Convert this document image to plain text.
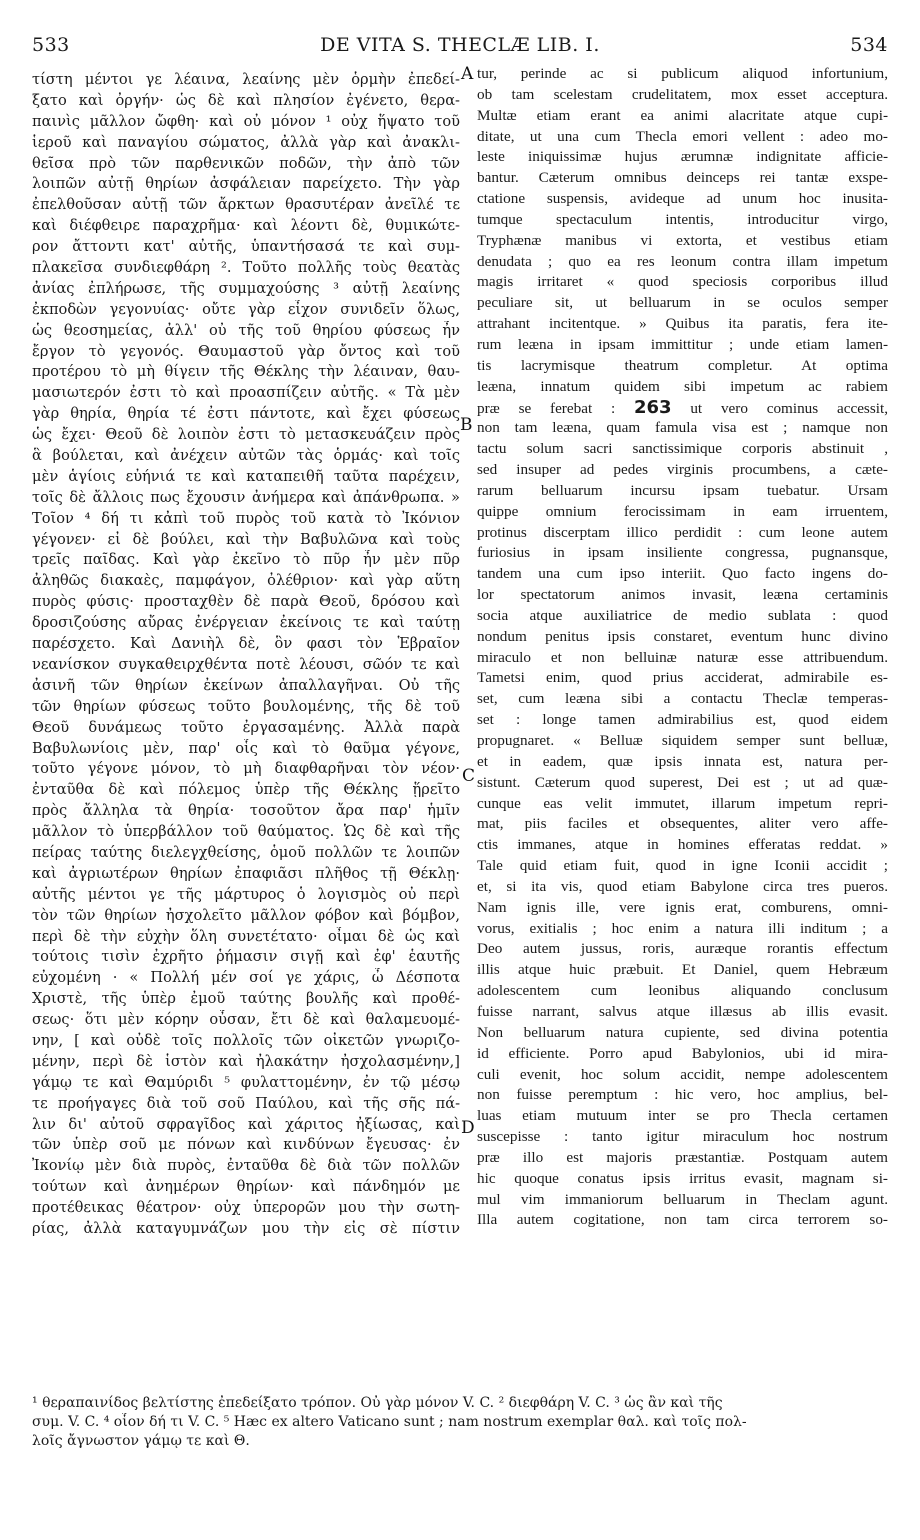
533	DE VITA S. THECLÆ LIB. I.	534
τίστη μέντοι γε λέαινα, λεαίνης μὲν ὁρμὴν ἐπεδεί-
ξατο καὶ ὀργήν· ὡς δὲ καὶ πλησίον ἐγένετο, θερα-
παινὶς μᾶλλον ὤφθη· καὶ οὐ μόνον ¹ οὐχ ἥψατο τοῦ
ἱεροῦ καὶ παναγίου σώματος, ἀλλὰ γὰρ καὶ ἀνακλι-
θεῖσα πρὸ τῶν παρθενικῶν ποδῶν, τὴν ἀπὸ τῶν
λοιπῶν αὐτῇ θηρίων ἀσφάλειαν παρείχετο. Τὴν γὰρ
ἐπελθοῦσαν αὐτῇ τῶν ἄρκτων θρασυτέραν ἀνεῖλέ τε
καὶ διέφθειρε παραχρῆμα· καὶ λέοντι δὲ, θυμικώτε-
ρον ἄττοντι κατ' αὐτῆς, ὑπαντήσασά τε καὶ συμ-
πλακεῖσα συνδιεφθάρη ². Τοῦτο πολλῆς τοὺς θεατὰς
ἀνίας ἐπλήρωσε, τῆς συμμαχούσης ³ αὐτῇ λεαίνης
ἐκποδὼν γεγονυίας· οὔτε γὰρ εἶχον συνιδεῖν ὅλως,
ὡς θεοσημείας, ἀλλ' οὐ τῆς τοῦ θηρίου φύσεως ἦν
ἔργον τὸ γεγονός. Θαυμαστοῦ γὰρ ὄντος καὶ τοῦ
προτέρου τὸ μὴ θίγειν τῆς Θέκλης τὴν λέαιναν, θαυ-
μασιωτερόν ἐστι τὸ καὶ προασπίζειν αὐτῆς. « Τὰ μὲν
γὰρ θηρία, θηρία τέ ἐστι πάντοτε, καὶ ἔχει φύσεως
ὡς ἔχει· Θεοῦ δὲ λοιπὸν ἐστι τὸ μετασκευάζειν πρὸς
ἃ βούλεται, καὶ ἀνέχειν αὐτῶν τὰς ὁρμάς· καὶ τοῖς
μὲν ἁγίοις εὐήνιά τε καὶ καταπειθῆ ταῦτα παρέχειν,
τοῖς δὲ ἄλλοις πως ἔχουσιν ἀνήμερα καὶ ἀπάνθρωπα. »
Τοῖον ⁴ δή τι κἀπὶ τοῦ πυρὸς τοῦ κατὰ τὸ Ἰκόνιον
γέγονεν· εἰ δὲ βούλει, καὶ τὴν Βαβυλῶνα καὶ τοὺς
τρεῖς παῖδας. Καὶ γὰρ ἐκεῖνο τὸ πῦρ ἦν μὲν πῦρ
ἀληθῶς διακαὲς, παμφάγον, ὀλέθριον· καὶ γὰρ αὕτη
πυρὸς φύσις· προσταχθὲν δὲ παρὰ Θεοῦ, δρόσου καὶ
δροσιζούσης αὔρας ἐνέργειαν ἐκείνοις τε καὶ ταύτῃ
παρέσχετο. Καὶ Δανιὴλ δὲ, ὃν φασι τὸν Ἑβραῖον
νεανίσκον συγκαθειρχθέντα ποτὲ λέουσι, σῶόν τε καὶ
ἀσινῆ τῶν θηρίων ἐκείνων ἀπαλλαγῆναι. Οὐ τῆς
τῶν θηρίων φύσεως τοῦτο βουλομένης, τῆς δὲ τοῦ
Θεοῦ δυνάμεως τοῦτο ἐργασαμένης. Ἀλλὰ παρὰ
Βαβυλωνίοις μὲν, παρ' οἷς καὶ τὸ θαῦμα γέγονε,
τοῦτο γέγονε μόνον, τὸ μὴ διαφθαρῆναι τὸν νέον·
ἐνταῦθα δὲ καὶ πόλεμος ὑπὲρ τῆς Θέκλης ᾕρεῖτο
πρὸς ἄλληλα τὰ θηρία· τοσοῦτον ἄρα παρ' ἡμῖν
μᾶλλον τὸ ὑπερβάλλον τοῦ θαύματος. Ὡς δὲ καὶ τῆς
πείρας ταύτης διελεγχθείσης, ὁμοῦ πολλῶν τε λοιπῶν
καὶ ἀγριωτέρων θηρίων ἐπαφιᾶσι πλῆθος τῇ Θέκλῃ·
αὐτῆς μέντοι γε τῆς μάρτυρος ὁ λογισμὸς οὐ περὶ
τὸν τῶν θηρίων ἠσχολεῖτο μᾶλλον φόβον καὶ βόμβον,
περὶ δὲ τὴν εὐχὴν ὅλη συνετέτατο· οἶμαι δὲ ὡς καὶ
τούτοις τισὶν ἐχρῆτο ῥήμασιν σιγῇ καὶ ἐφ' ἑαυτῆς
εὐχομένη · « Πολλή μέν σοί γε χάρις, ὦ Δέσποτα
Χριστὲ, τῆς ὑπὲρ ἐμοῦ ταύτης βουλῆς καὶ προθέ-
σεως· ὅτι μὲν κόρην οὖσαν, ἔτι δὲ καὶ θαλαμευομέ-
νην, [ καὶ οὐδὲ τοῖς πολλοῖς τῶν οἰκετῶν γνωριζο-
μένην, περὶ δὲ ἱστὸν καὶ ἠλακάτην ἠσχολασμένην,]
γάμῳ τε καὶ Θαμύριδι ⁵ φυλαττομένην, ἐν τῷ μέσῳ
τε προήγαγες διὰ τοῦ σοῦ Παύλου, καὶ τῆς σῆς πά-
λιν δι' αὐτοῦ σφραγῖδος καὶ χάριτος ἠξίωσας, καὶ
τῶν ὑπὲρ σοῦ με πόνων καὶ κινδύνων ἔγευσας· ἐν
Ἰκονίῳ μὲν διὰ πυρὸς, ἐνταῦθα δὲ διὰ τῶν πολλῶν
τούτων καὶ ἀνημέρων θηρίων· καὶ πάνδημόν με
προτέθεικας θέατρον· οὐχ ὑπερορῶν μου τὴν σωτη-
ρίας, ἀλλὰ καταγυμνάζων μου τὴν εἰς σὲ πίστιν
tur, perinde ac si publicum aliquod infortunium,
ob tam scelestam crudelitatem, mox esset acceptura.
Multæ etiam erant ea animi alacritate atque cupi-
ditate, ut una cum Thecla emori vellent : adeo mo-
leste iniquissimæ hujus ærumnæ indignitate afficie-
bantur. Cæterum omnibus deinceps rei tantæ exspe-
ctatione suspensis, avideque ad unum hoc inusita-
tumque spectaculum intentis, introducitur virgo,
Tryphænæ manibus vi extorta, et vestibus etiam
denudata ; quo ea res leonum contra illam impetum
magis irritaret « quod speciosis corporibus illud
peculiare sit, ut belluarum in se oculos semper
attrahant incitentque. » Quibus ita paratis, fera ite-
rum leæna in ipsam immittitur ; unde etiam lamen-
tis lacrymisque theatrum completur. At optima
leæna, innatum quidem sibi impetum ac rabiem
præ se ferebat : 263 ut vero cominus accessit,
non tam leæna, quam famula visa est ; namque non
tactu solum sacri sanctissimique corporis abstinuit ,
sed insuper ad pedes virginis procumbens, a cæte-
rarum belluarum incursu ipsam tuebatur. Ursam
quippe omnium ferocissimam in eam irruentem,
protinus discerptam illico perdidit : cum leone autem
furiosius in ipsam insiliente congressa, pugnansque,
tandem una cum ipso interiit. Quo facto ingens do-
lor spectatorum animos invasit, leæna certaminis
socia atque auxiliatrice de medio sublata : quod
nondum penitus ipsis constaret, eventum hunc divino
miraculo et non belluinæ naturæ esse attribuendum.
Tametsi enim, quod prius acciderat, admirabile es-
set, cum leæna sibi a contactu Theclæ temperas-
set : longe tamen admirabilius est, quod eidem
propugnaret. « Belluæ siquidem semper sunt belluæ,
et in eadem, quæ ipsis innata est, natura per-
sistunt. Cæterum quod superest, Dei est ; ut ad quæ-
cunque eas velit immutet, illarum impetum repri-
mat, piis faciles et obsequentes, aliter vero affe-
ctis immanes, atque in homines efferatas reddat. »
Tale quid etiam fuit, quod in igne Iconii accidit ;
et, si ita vis, quod etiam Babylone circa tres pueros.
Nam ignis ille, vere ignis erat, comburens, omni-
vorus, exitialis ; hoc enim a natura illi inditum ; a
Deo autem jussus, roris, auræque rorantis effectum
illis atque huic præbuit. Et Daniel, quem Hebræum
adolescentem cum leonibus aliquando conclusum
fuisse narrant, salvus atque illæsus ab illis evasit.
Non belluarum natura cupiente, sed divina potentia
id efficiente. Porro apud Babylonios, ubi id mira-
culi evenit, hoc solum accidit, nempe adolescentem
non fuisse peremptum : hic vero, hoc amplius, bel-
luas etiam mutuum inter se pro Thecla certamen
suscepisse : tanto igitur miraculum hoc nostrum
præ illo est majoris præstantiæ. Postquam autem
hic quoque conatus ipsis irritus evasit, magnam si-
mul vim immaniorum belluarum in Theclam agunt.
Illa autem cogitatione, non tam circa terrorem so-
A
B
C
D
¹ θεραπαινίδος βελτίστης ἐπεδείξατο τρόπον. Οὐ γὰρ μόνον V. C. ² διεφθάρη V. C. ³ ὡς ἂν καὶ τῆς
συμ. V. C. ⁴ οἷον δή τι V. C. ⁵ Hæc ex altero Vaticano sunt ; nam nostrum exemplar θαλ. καὶ τοῖς πολ-
λοῖς ἄγνωστον γάμῳ τε καὶ Θ.
